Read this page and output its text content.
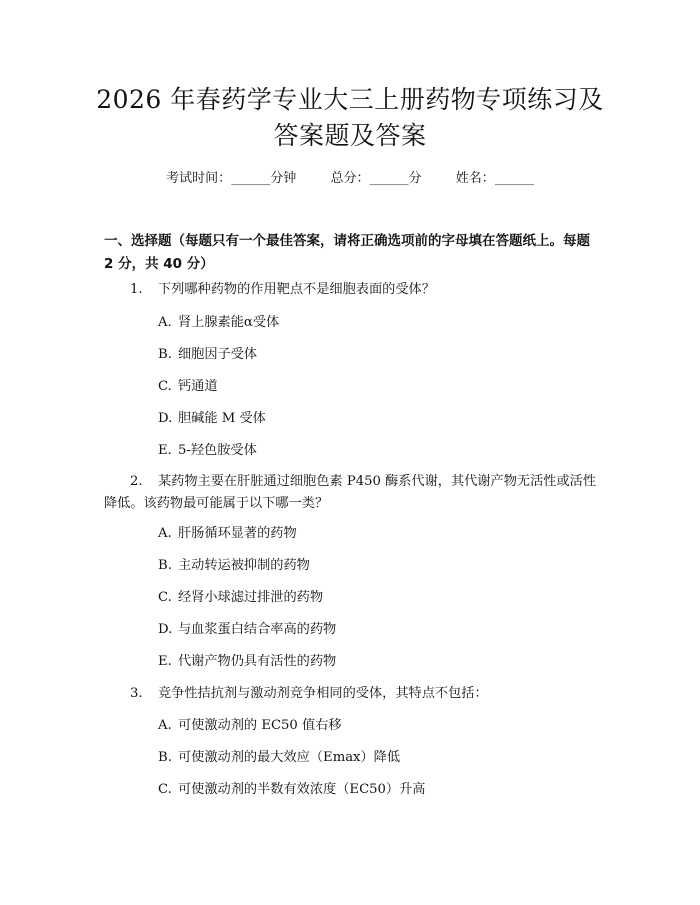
2026 年春药学专业大三上册药物专项练习及
答案题及答案
考试时间：______分钟	总分：______分	姓名：______
一、选择题（每题只有一个最佳答案，请将正确选项前的字母填在答题纸上。每题 2 分，共 40 分）
1. 下列哪种药物的作用靶点不是细胞表面的受体？
A. 肾上腺素能α受体
B. 细胞因子受体
C. 钙通道
D. 胆碱能 M 受体
E. 5-羟色胺受体
2. 某药物主要在肝脏通过细胞色素 P450 酶系代谢，其代谢产物无活性或活性降低。该药物最可能属于以下哪一类？
A. 肝肠循环显著的药物
B. 主动转运被抑制的药物
C. 经肾小球滤过排泄的药物
D. 与血浆蛋白结合率高的药物
E. 代谢产物仍具有活性的药物
3. 竞争性拮抗剂与激动剂竞争相同的受体，其特点不包括：
A. 可使激动剂的 EC50 值右移
B. 可使激动剂的最大效应（Emax）降低
C. 可使激动剂的半数有效浓度（EC50）升高
